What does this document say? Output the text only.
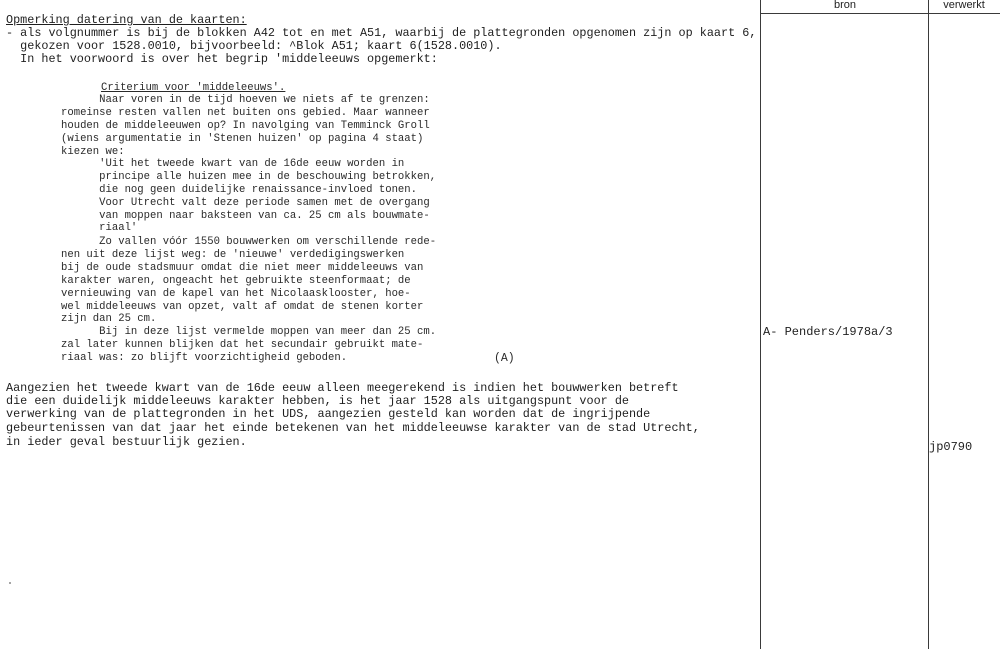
bron	verwerkt
Opmerking datering van de kaarten:
- als volgnummer is bij de blokken A42 tot en met A51, waarbij de plattegronden opgenomen zijn op kaart 6,
gekozen voor 1528.0010, bijvoorbeeld: ^Blok A51; kaart 6(1528.0010).
In het voorwoord is over het begrip 'middeleeuws opgemerkt:
Criterium voor 'middeleeuws'.
Naar voren in de tijd hoeven we niets af te grenzen:
romeinse resten vallen net buiten ons gebied. Maar wanneer
houden de middeleeuwen op? In navolging van Temminck Groll
(wiens argumentatie in 'Stenen huizen' op pagina 4 staat)
kiezen we:
'Uit het tweede kwart van de 16de eeuw worden in
principe alle huizen mee in de beschouwing betrokken,
die nog geen duidelijke renaissance-invloed tonen.
Voor Utrecht valt deze periode samen met de overgang
van moppen naar baksteen van ca. 25 cm als bouwmate-
riaal'
Zo vallen vóór 1550 bouwwerken om verschillende rede-
nen uit deze lijst weg: de 'nieuwe' verdedigingswerken
bij de oude stadsmuur omdat die niet meer middeleeuws van
karakter waren, ongeacht het gebruikte steenformaat; de
vernieuwing van de kapel van het Nicolaasklooster, hoe-
wel middeleeuws van opzet, valt af omdat de stenen korter
zijn dan 25 cm.
Bij in deze lijst vermelde moppen van meer dan 25 cm.
zal later kunnen blijken dat het secundair gebruikt mate-
riaal was: zo blijft voorzichtigheid geboden.	(A)
Aangezien het tweede kwart van de 16de eeuw alleen meegerekend is indien het bouwwerken betreft
die een duidelijk middeleeuws karakter hebben, is het jaar 1528 als uitgangspunt voor de
verwerking van de plattegronden in het UDS, aangezien gesteld kan worden dat de ingrijpende
gebeurtenissen van dat jaar het einde betekenen van het middeleeuwse karakter van de stad Utrecht,
in ieder geval bestuurlijk gezien.
A- Penders/1978a/3
jp0790
